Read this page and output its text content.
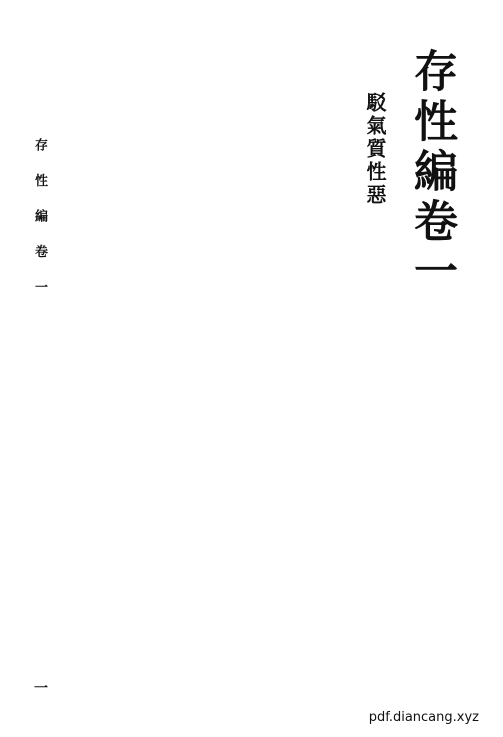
存性編卷一
駁氣質性惡
存 性 編 卷 一
一
pdf.diancang.xyz
